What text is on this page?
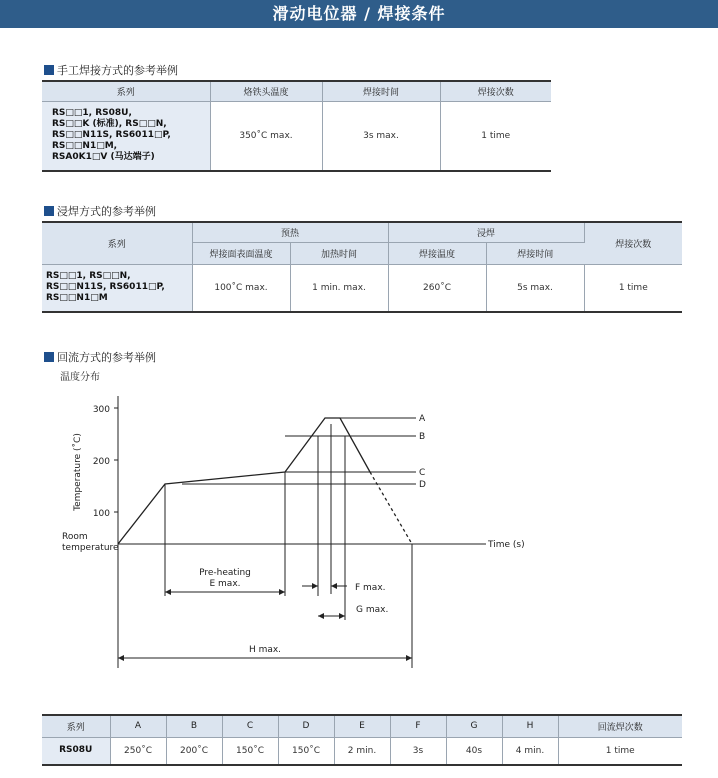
滑动电位器 / 焊接条件
手工焊接方式的参考举例
系列	烙铁头温度	焊接时间	焊接次数

RS□□1, RS08U,
RS□□K (标准), RS□□N,
RS□□N11S, RS6011□P,
RS□□N1□M,
RSA0K1□V (马达端子)	350˚C max.	3s max.	1 time
浸焊方式的参考举例
系列	预热		浸焊		焊接次数
	焊接面表面温度	加热时间	焊接温度	焊接时间	

RS□□1, RS□□N,
RS□□N11S, RS6011□P,
RS□□N1□M	100˚C max.	1 min. max.	260˚C	5s max.	1 time
回流方式的参考举例
温度分布
300
200
100
Temperature (˚C)
Room
temperature	Time (s)
A
B
C
D
Pre-heating
E max.	F max.
G max.
H max.
系列	A	B	C	D	E	F	G	H	回流焊次数
RS08U	250˚C	200˚C	150˚C	150˚C	2 min.	3s	40s	4 min.	1 time
